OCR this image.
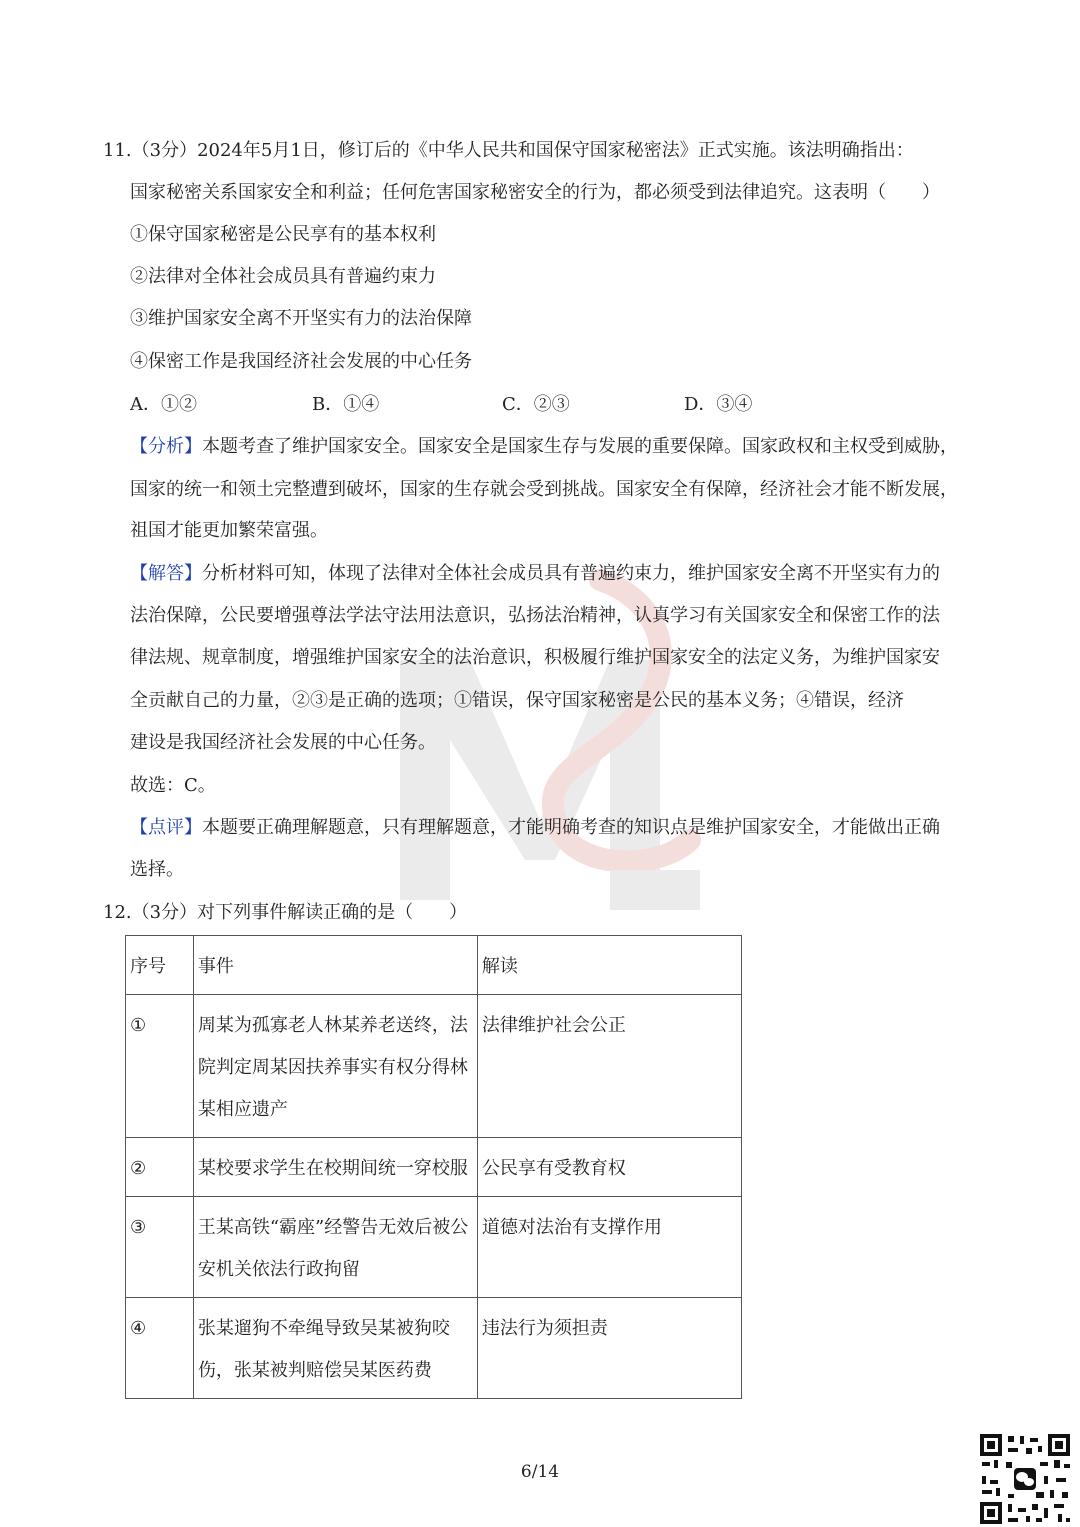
11.（3分）2024年5月1日，修订后的《中华人民共和国保守国家秘密法》正式实施。该法明确指出：
国家秘密关系国家安全和利益；任何危害国家秘密安全的行为，都必须受到法律追究。这表明（　　）
①保守国家秘密是公民享有的基本权利
②法律对全体社会成员具有普遍约束力
③维护国家安全离不开坚实有力的法治保障
④保密工作是我国经济社会发展的中心任务
A．①②	B．①④	C．②③	D．③④
【分析】本题考查了维护国家安全。国家安全是国家生存与发展的重要保障。国家政权和主权受到威胁，
国家的统一和领土完整遭到破坏，国家的生存就会受到挑战。国家安全有保障，经济社会才能不断发展，
祖国才能更加繁荣富强。
【解答】分析材料可知，体现了法律对全体社会成员具有普遍约束力，维护国家安全离不开坚实有力的
法治保障，公民要增强尊法学法守法用法意识，弘扬法治精神，认真学习有关国家安全和保密工作的法
律法规、规章制度，增强维护国家安全的法治意识，积极履行维护国家安全的法定义务，为维护国家安
全贡献自己的力量，②③是正确的选项；①错误，保守国家秘密是公民的基本义务；④错误，经济
建设是我国经济社会发展的中心任务。
故选：C。
【点评】本题要正确理解题意，只有理解题意，才能明确考查的知识点是维护国家安全，才能做出正确
选择。
12.（3分）对下列事件解读正确的是（　　）
序号	事件	解读
①	周某为孤寡老人林某养老送终，法院判定周某因扶养事实有权分得林某相应遗产	法律维护社会公正
②	某校要求学生在校期间统一穿校服	公民享有受教育权
③	王某高铁“霸座”经警告无效后被公安机关依法行政拘留	道德对法治有支撑作用
④	张某遛狗不牵绳导致吴某被狗咬伤，张某被判赔偿吴某医药费	违法行为须担责
6/14
